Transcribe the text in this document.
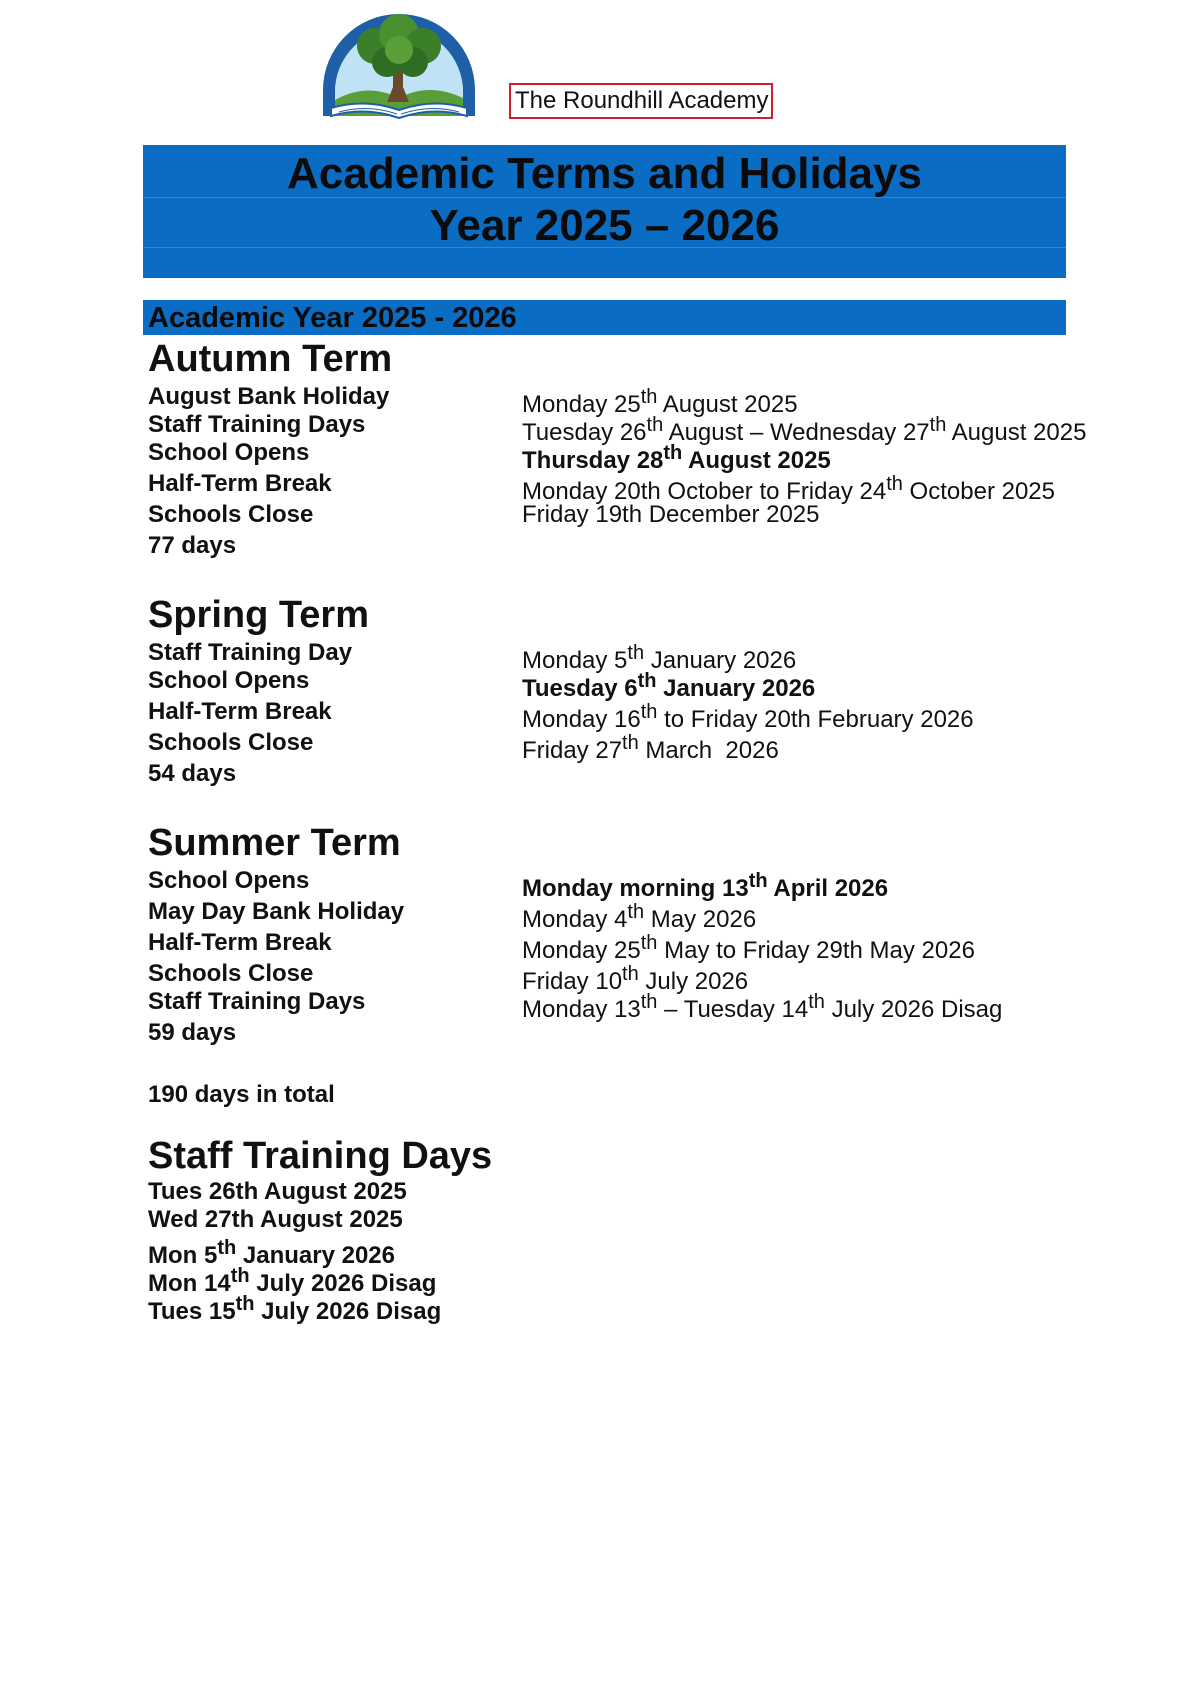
The Roundhill Academy
Academic Terms and Holidays
Year 2025 – 2026
Academic Year 2025 - 2026
Autumn Term
August Bank Holiday	Monday 25th August 2025
Staff Training Days	Tuesday 26th August – Wednesday 27th August 2025
School Opens	Thursday 28th August 2025
Half-Term Break	Monday 20th October to Friday 24th October 2025
Schools Close	Friday 19th December 2025
77 days
Spring Term
Staff Training Day	Monday 5th January 2026
School Opens	Tuesday 6th January 2026
Half-Term Break	Monday 16th to Friday 20th February 2026
Schools Close	Friday 27th March  2026
54 days
Summer Term
School Opens	Monday morning 13th April 2026
May Day Bank Holiday	Monday 4th May 2026
Half-Term Break	Monday 25th May to Friday 29th May 2026
Schools Close	Friday 10th July 2026
Staff Training Days	Monday 13th – Tuesday 14th July 2026 Disag
59 days
190 days in total
Staff Training Days
Tues 26th August 2025
Wed 27th August 2025
Mon 5th January 2026
Mon 14th July 2026 Disag
Tues 15th July 2026 Disag
